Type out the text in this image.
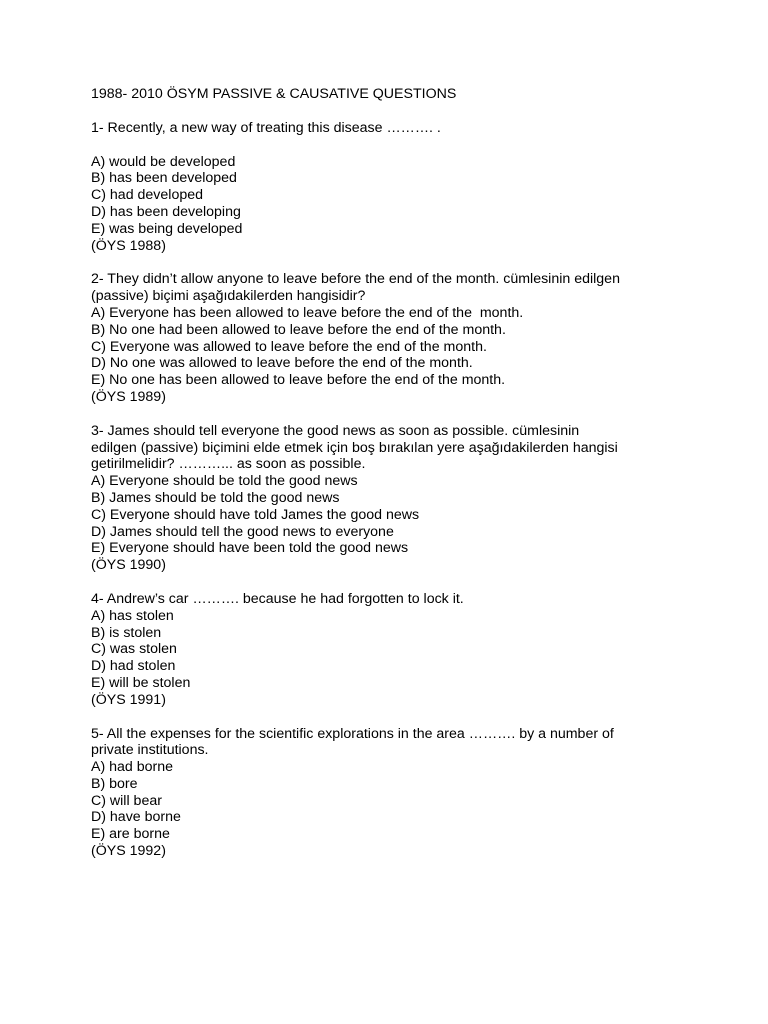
1988- 2010 ÖSYM PASSIVE & CAUSATIVE QUESTIONS
1- Recently, a new way of treating this disease ………. .
A) would be developed
B) has been developed
C) had developed
D) has been developing
E) was being developed
(ÖYS 1988)
2- They didn’t allow anyone to leave before the end of the month. cümlesinin edilgen
(passive) biçimi aşağıdakilerden hangisidir?
A) Everyone has been allowed to leave before the end of the  month.
B) No one had been allowed to leave before the end of the month.
C) Everyone was allowed to leave before the end of the month.
D) No one was allowed to leave before the end of the month.
E) No one has been allowed to leave before the end of the month.
(ÖYS 1989)
3- James should tell everyone the good news as soon as possible. cümlesinin
edilgen (passive) biçimini elde etmek için boş bırakılan yere aşağıdakilerden hangisi
getirilmelidir? ………... as soon as possible.
A) Everyone should be told the good news
B) James should be told the good news
C) Everyone should have told James the good news
D) James should tell the good news to everyone
E) Everyone should have been told the good news
(ÖYS 1990)
4- Andrew’s car ………. because he had forgotten to lock it.
A) has stolen
B) is stolen
C) was stolen
D) had stolen
E) will be stolen
(ÖYS 1991)
5- All the expenses for the scientific explorations in the area ………. by a number of
private institutions.
A) had borne
B) bore
C) will bear
D) have borne
E) are borne
(ÖYS 1992)
